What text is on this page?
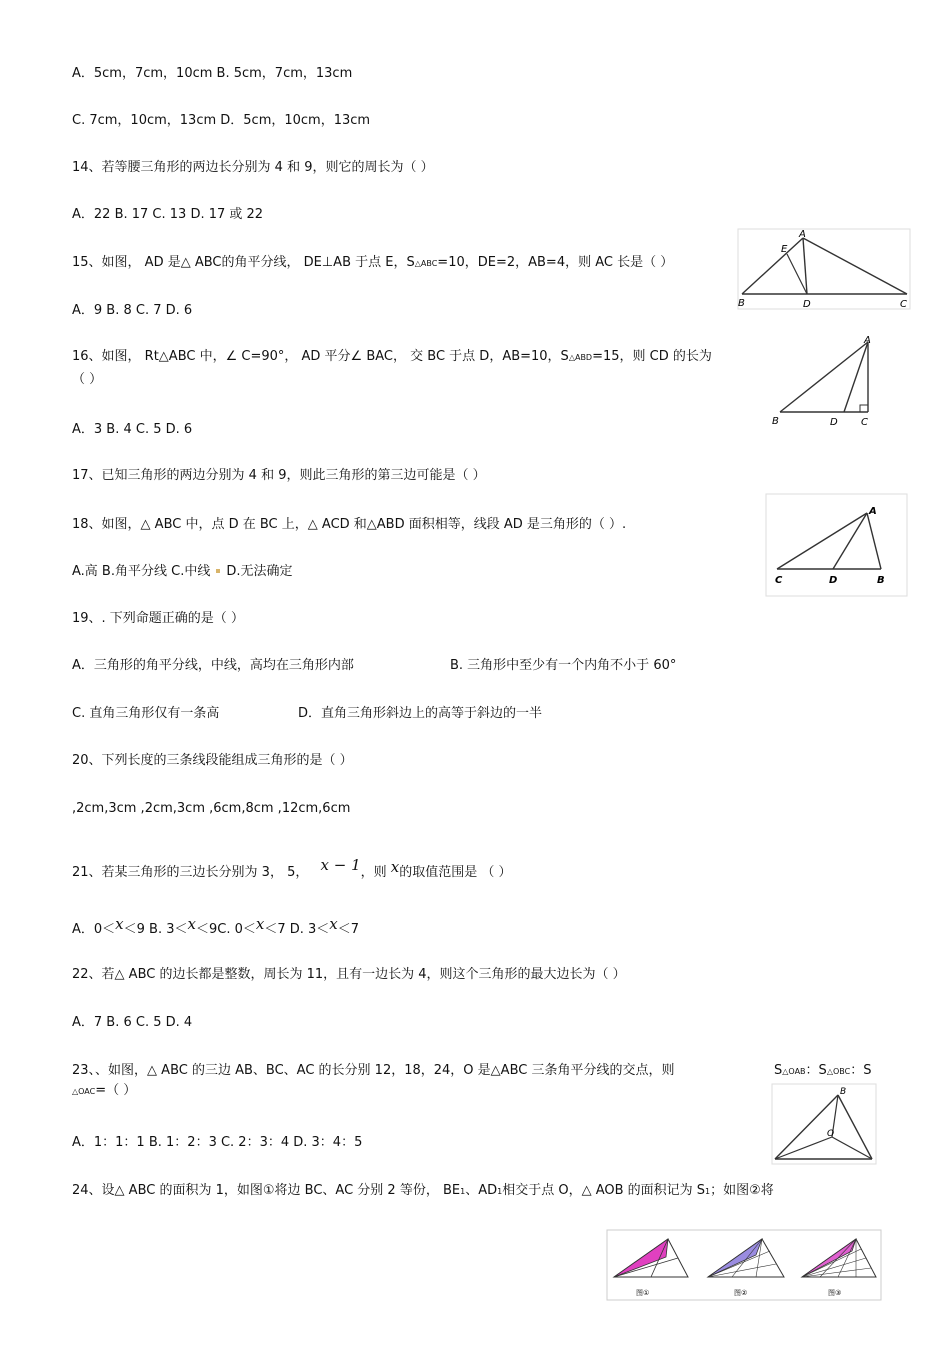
A．5cm，7cm，10cm B. 5cm，7cm，13cm
C. 7cm，10cm，13cm D．5cm，10cm，13cm
14、若等腰三角形的两边长分别为 4 和 9，则它的周长为（ ）
A．22 B. 17 C. 13 D. 17 或 22
15、如图， AD 是△ ABC的角平分线， DE⊥AB 于点 E，S△ABC=10，DE=2，AB=4，则 AC 长是（ ）
A．9 B. 8 C. 7 D. 6
A
E
B	D	C
16、如图， Rt△ABC 中，∠ C=90°， AD 平分∠ BAC， 交 BC 于点 D，AB=10，S△ABD=15，则 CD 的长为
（ ）
A．3 B. 4 C. 5 D. 6
A
B	D C
17、已知三角形的两边分别为 4 和 9，则此三角形的第三边可能是（ ）
18、如图，△ ABC 中，点 D 在 BC 上，△ ACD 和△ABD 面积相等，线段 AD 是三角形的（ ）.
A.高 B.角平分线 C.中线 D.无法确定
A
C	D	B
19、. 下列命题正确的是（ ）
A．三角形的角平分线，中线，高均在三角形内部	B. 三角形中至少有一个内角不小于 60°
C. 直角三角形仅有一条高	D．直角三角形斜边上的高等于斜边的一半
20、下列长度的三条线段能组成三角形的是（ ）
,2cm,3cm ,2cm,3cm ,6cm,8cm ,12cm,6cm
21、若某三角形的三边长分别为 3， 5， x − 1，则 x的取值范围是 （ ）
A．0＜x＜9 B. 3＜x＜9C. 0＜x＜7 D. 3＜x＜7
22、若△ ABC 的边长都是整数，周长为 11，且有一边长为 4，则这个三角形的最大边长为（ ）
A．7 B. 6 C. 5 D. 4
23、、如图，△ ABC 的三边 AB、BC、AC 的长分别 12，18，24，O 是△ABC 三条角平分线的交点，则	S△OAB：S△OBC：S
△OAC=（ ）
A．1：1：1 B. 1：2：3 C. 2：3：4 D. 3：4：5
B
O
24、设△ ABC 的面积为 1，如图①将边 BC、AC 分别 2 等份， BE1、AD1相交于点 O，△ AOB 的面积记为 S1；如图②将
图①	图②	图③
